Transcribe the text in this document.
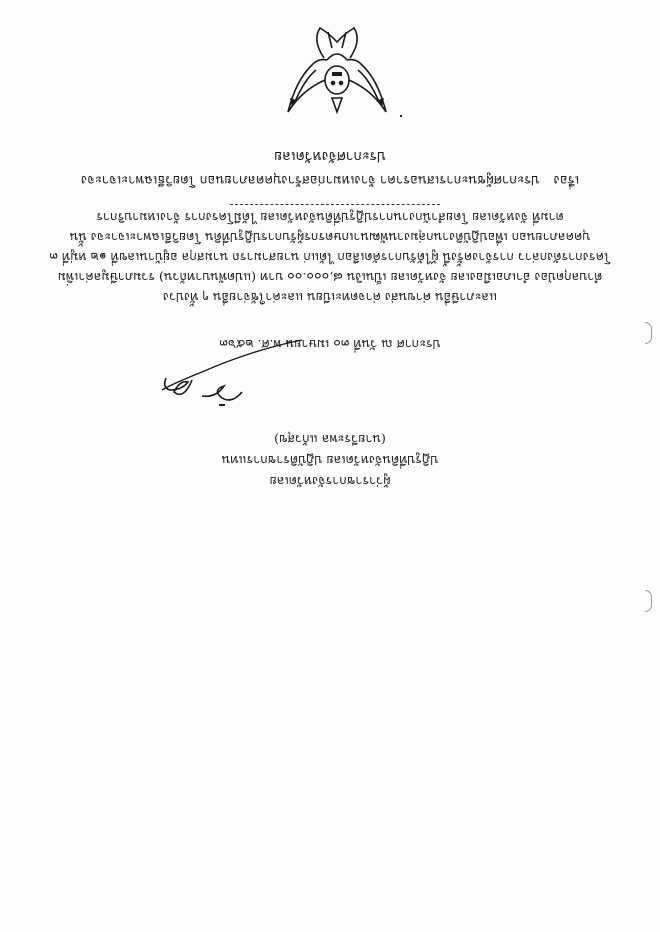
ประกาศจังหวัดเลย
เรื่อง ประกาศผู้ชนะการเสนอราคา จ้างเหมาก่อสร้างบุคคลภายนอก โดยวิธีเฉพาะเจาะจง
ตามที่ จังหวัดเลย โดยสำนักงานการปฏิรูปที่ดินจังหวัดเลย ได้มีโครงการ จ้างเหมาบริการ
บุคคลภายนอก เพื่อปฏิบัติงานกลุ่มงานพัฒนาเกษตรกรผู้รับการปฏิรูปที่ดิน โดยวิธีเฉพาะเจาะจง นั้น
โครงการดังกล่าว การจ้างครั้งนี้ ผู้ได้รับการคัดเลือก ได้แก่ นายสามารถ นามสกุล อยู่บ้านเลขที่ ๑๒ หมู่ที่ ๓
ตำบลกุดป่อง อำเภอเมืองเลย จังหวัดเลย เป็นเงิน ๘,๐๐๐.๐๐ บาท (แปดพันบาทถ้วน) รวมภาษีมูลค่าเพิ่ม
และภาษีอื่น ค่าขนส่ง ค่าจดทะเบียน และค่าใช้จ่ายอื่น ๆ ทั้งปวง
ประกาศ ณ วันที่ ๓๐ เมษายน พ.ศ. ๒๕๖๓
(นายวีระพล แก้วสุข)
ปฏิรูปที่ดินจังหวัดเลย ปฏิบัติราชการแทน
ผู้ว่าราชการจังหวัดเลย
